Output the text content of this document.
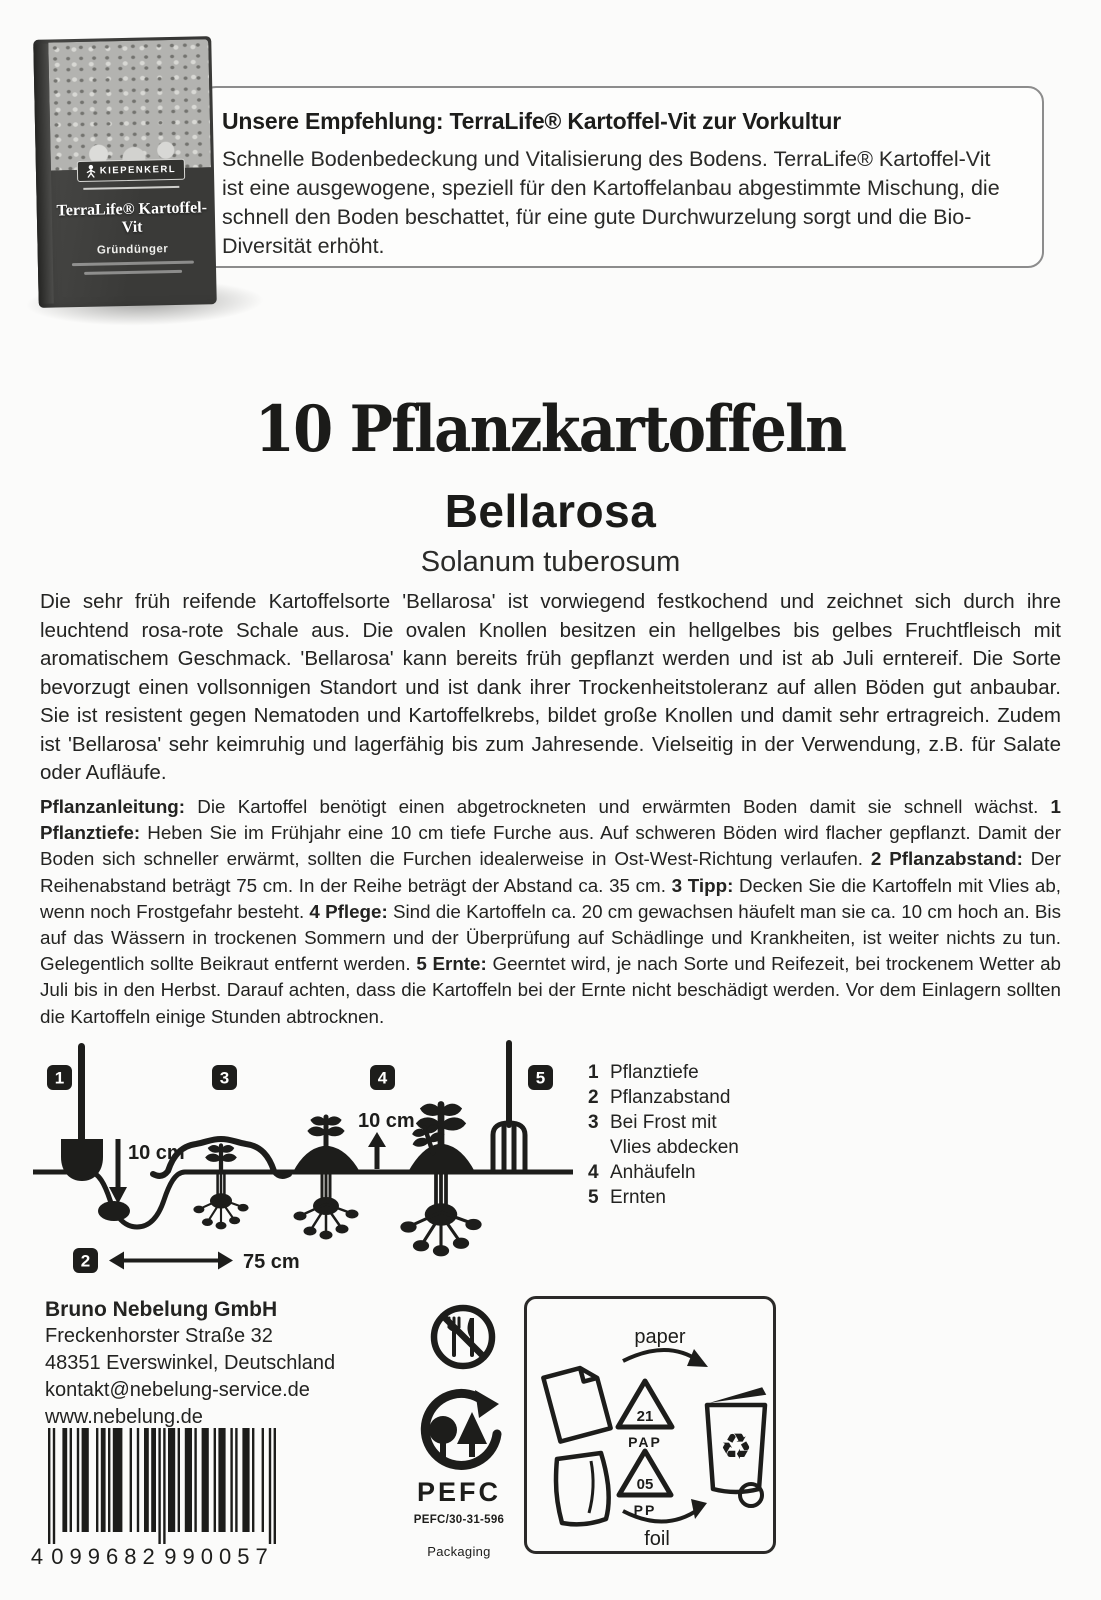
Unsere Empfehlung: TerraLife® Kartoffel-Vit zur Vorkultur

Schnelle Bodenbedeckung und Vitalisierung des Bodens. TerraLife® Kartoffel-Vit ist eine ausgewogene, speziell für den Kartoffelanbau abgestimmte Mischung, die schnell den Boden beschattet, für eine gute Durchwurzelung sorgt und die Bio-Diversität erhöht.

KIEPENKERL
TerraLife® Kartoffel-Vit
Gründünger
10 Pflanzkartoffeln
Bellarosa
Solanum tuberosum

Die sehr früh reifende Kartoffelsorte 'Bellarosa' ist vorwiegend festkochend und zeichnet sich durch ihre leuchtend rosa-rote Schale aus. Die ovalen Knollen besitzen ein hellgelbes bis gelbes Fruchtfleisch mit aromatischem Geschmack. 'Bellarosa' kann bereits früh gepflanzt werden und ist ab Juli erntereif. Die Sorte bevorzugt einen vollsonnigen Standort und ist dank ihrer Trockenheitstoleranz auf allen Böden gut anbaubar. Sie ist resistent gegen Nematoden und Kartoffelkrebs, bildet große Knollen und damit sehr ertragreich. Zudem ist 'Bellarosa' sehr keimruhig und lagerfähig bis zum Jahresende. Vielseitig in der Verwendung, z.B. für Salate oder Aufläufe.

Pflanzanleitung: Die Kartoffel benötigt einen abgetrockneten und erwärmten Boden damit sie schnell wächst. 1 Pflanztiefe: Heben Sie im Frühjahr eine 10 cm tiefe Furche aus. Auf schweren Böden wird flacher gepflanzt. Damit der Boden sich schneller erwärmt, sollten die Furchen idealerweise in Ost-West-Richtung verlaufen. 2 Pflanzabstand: Der Reihenabstand beträgt 75 cm. In der Reihe beträgt der Abstand ca. 35 cm. 3 Tipp: Decken Sie die Kartoffeln mit Vlies ab, wenn noch Frostgefahr besteht. 4 Pflege: Sind die Kartoffeln ca. 20 cm gewachsen häufelt man sie ca. 10 cm hoch an. Bis auf das Wässern in trockenen Sommern und der Überprüfung auf Schädlinge und Krankheiten, ist weiter nichts zu tun. Gelegentlich sollte Beikraut entfernt werden. 5 Ernte: Geerntet wird, je nach Sorte und Reifezeit, bei trockenem Wetter ab Juli bis in den Herbst. Darauf achten, dass die Kartoffeln bei der Ernte nicht beschädigt werden. Vor dem Einlagern sollten die Kartoffeln einige Stunden abtrocknen.

10 cm
10 cm
1	3	4	5
2	75 cm
1 Pflanztiefe
2 Pflanzabstand
3 Bei Frost mit Vlies abdecken
4 Anhäufeln
5 Ernten
Bruno Nebelung GmbH
Freckenhorster Straße 32
48351 Everswinkel, Deutschland
kontakt@nebelung-service.de
www.nebelung.de
4 099682 990057
PEFC
PEFC/30-31-596
Packaging
paper
21
PAP
05
PP
♻
foil
